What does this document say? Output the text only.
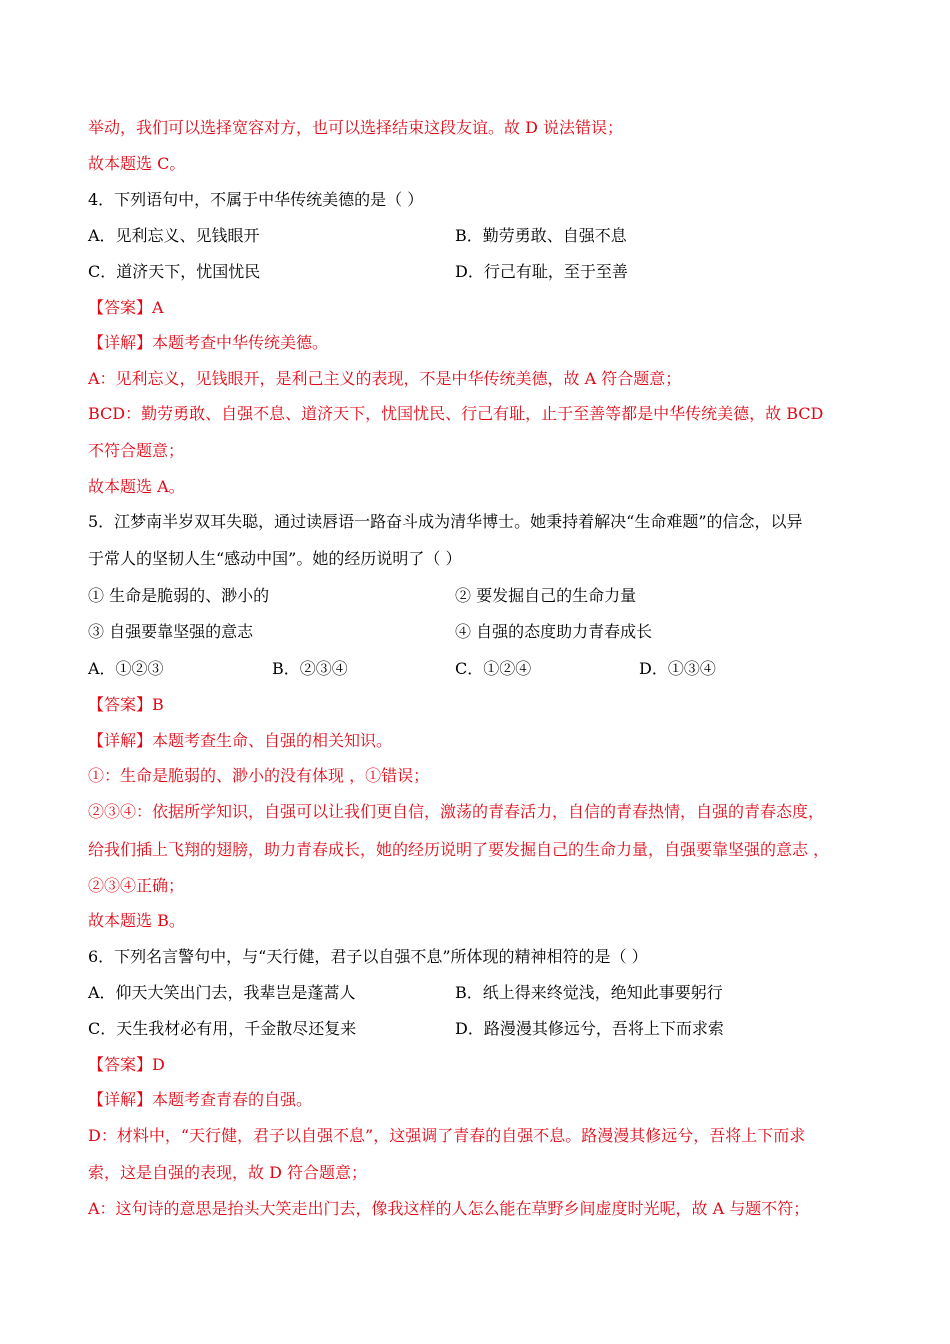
举动，我们可以选择宽容对方，也可以选择结束这段友谊。故 D 说法错误；
故本题选 C。
4．下列语句中，不属于中华传统美德的是（ ）
A．见利忘义、见钱眼开	B．勤劳勇敢、自强不息
C．道济天下，忧国忧民	D．行己有耻，至于至善
【答案】A
【详解】本题考查中华传统美德。
A：见利忘义，见钱眼开，是利己主义的表现，不是中华传统美德，故 A 符合题意；
BCD：勤劳勇敢、自强不息、道济天下，忧国忧民、行己有耻，止于至善等都是中华传统美德，故 BCD
不符合题意；
故本题选 A。
5．江梦南半岁双耳失聪，通过读唇语一路奋斗成为清华博士。她秉持着解决“生命难题”的信念，以异
于常人的坚韧人生“感动中国”。她的经历说明了（ ）
① 生命是脆弱的、渺小的	② 要发掘自己的生命力量
③ 自强要靠坚强的意志	④ 自强的态度助力青春成长
A．①②③	B．②③④	C．①②④	D．①③④
【答案】B
【详解】本题考查生命、自强的相关知识。
①：生命是脆弱的、渺小的没有体现 ，①错误；
②③④：依据所学知识，自强可以让我们更自信，激荡的青春活力，自信的青春热情，自强的青春态度，
给我们插上飞翔的翅膀，助力青春成长，她的经历说明了要发掘自己的生命力量，自强要靠坚强的意志 ，
②③④正确；
故本题选 B。
6．下列名言警句中，与“天行健，君子以自强不息”所体现的精神相符的是（ ）
A．仰天大笑出门去，我辈岂是蓬蒿人	B．纸上得来终觉浅，绝知此事要躬行
C．天生我材必有用，千金散尽还复来	D．路漫漫其修远兮，吾将上下而求索
【答案】D
【详解】本题考查青春的自强。
D：材料中，“天行健，君子以自强不息”，这强调了青春的自强不息。路漫漫其修远兮，吾将上下而求
索，这是自强的表现，故 D 符合题意；
A：这句诗的意思是抬头大笑走出门去，像我这样的人怎么能在草野乡间虚度时光呢，故 A 与题不符；
